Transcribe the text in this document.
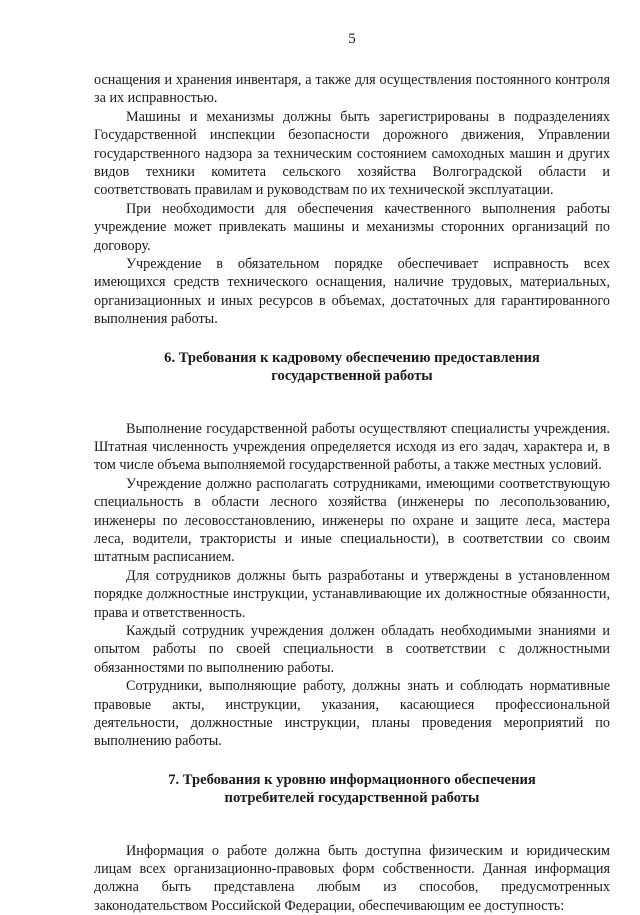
5

оснащения и хранения инвентаря, а также для осуществления постоянного контроля за их исправностью.

Машины и механизмы должны быть зарегистрированы в подразделениях Государственной инспекции безопасности дорожного движения, Управлении государственного надзора за техническим состоянием самоходных машин и других видов техники комитета сельского хозяйства Волгоградской области и соответствовать правилам и руководствам по их технической эксплуатации.

При необходимости для обеспечения качественного выполнения работы учреждение может привлекать машины и механизмы сторонних организаций по договору.

Учреждение в обязательном порядке обеспечивает исправность всех имеющихся средств технического оснащения, наличие трудовых, материальных, организационных и иных ресурсов в объемах, достаточных для гарантированного выполнения работы.

6. Требования к кадровому обеспечению предоставления государственной работы

Выполнение государственной работы осуществляют специалисты учреждения. Штатная численность учреждения определяется исходя из его задач, характера и, в том числе объема выполняемой государственной работы, а также местных условий.

Учреждение должно располагать сотрудниками, имеющими соответствующую специальность в области лесного хозяйства (инженеры по лесопользованию, инженеры по лесовосстановлению, инженеры по охране и защите леса, мастера леса, водители, трактористы и иные специальности), в соответствии со своим штатным расписанием.

Для сотрудников должны быть разработаны и утверждены в установленном порядке должностные инструкции, устанавливающие их должностные обязанности, права и ответственность.

Каждый сотрудник учреждения должен обладать необходимыми знаниями и опытом работы по своей специальности в соответствии с должностными обязанностями по выполнению работы.

Сотрудники, выполняющие работу, должны знать и соблюдать нормативные правовые акты, инструкции, указания, касающиеся профессиональной деятельности, должностные инструкции, планы проведения мероприятий по выполнению работы.

7. Требования к уровню информационного обеспечения потребителей государственной работы

Информация о работе должна быть доступна физическим и юридическим лицам всех организационно-правовых форм собственности. Данная информация должна быть представлена любым из способов, предусмотренных законодательством Российской Федерации, обеспечивающим ее доступность:
